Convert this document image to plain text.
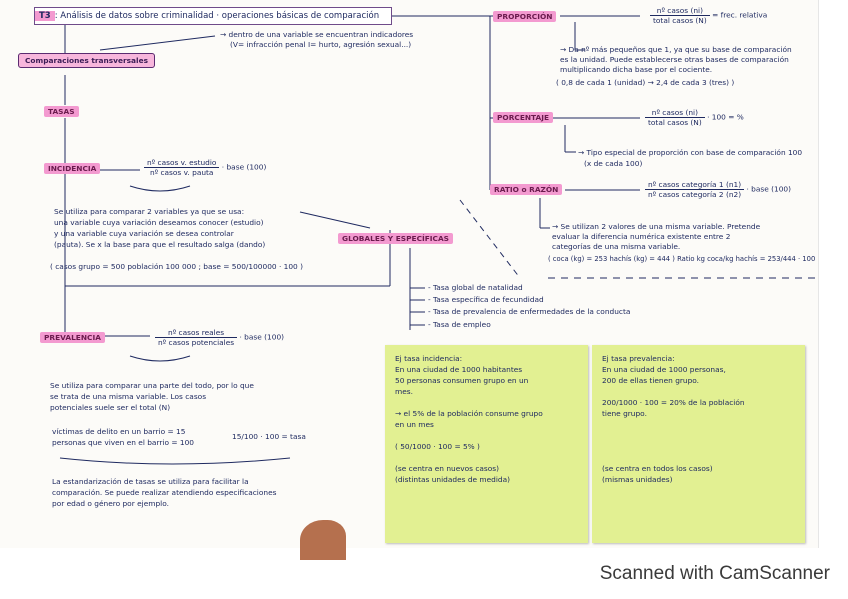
T3 : Análisis de datos sobre criminalidad · operaciones básicas de comparación
Comparaciones transversales
→ dentro de una variable se encuentran indicadores
(V= infracción penal I= hurto, agresión sexual...)
TASAS
INCIDENCIA	$\frac{\text{nº casos v. estudio}}{\text{nº casos v. pauta}}$ · base (100)
Se utiliza para comparar 2 variables ya que se usa:
una variable cuya variación deseamos conocer (estudio)
y una variable cuya variación se desea controlar
(pauta). Se x la base para que el resultado salga (dando)
( casos grupo = 500 población 100 000 ; base = 500/100000 · 100 )
PREVALENCIA	$\frac{\text{nº casos reales}}{\text{nº casos potenciales}}$ · base (100)
Se utiliza para comparar una parte del todo, por lo que
se trata de una misma variable. Los casos
potenciales suele ser el total (N)
víctimas de delito en un barrio = 15
personas que viven en el barrio = 100
15/100 · 100 = tasa
La estandarización de tasas se utiliza para facilitar la
comparación. Se puede realizar atendiendo especificaciones
por edad o género por ejemplo.
GLOBALES Y ESPECÍFICAS
- Tasa global de natalidad
- Tasa específica de fecundidad
- Tasa de prevalencia de enfermedades de la conducta
- Tasa de empleo
PROPORCIÓN	$\frac{\text{nº casos (ni)}}{\text{total casos (N)}}$ = frec. relativa
→ Da nº más pequeños que 1, ya que su base de comparación
es la unidad. Puede establecerse otras bases de comparación
multiplicando dicha base por el cociente.
( 0,8 de cada 1 (unidad) → 2,4 de cada 3 (tres) )
PORCENTAJE	$\frac{\text{nº casos (ni)}}{\text{total casos (N)}} \cdot 100$ = %
→ Tipo especial de proporción con base de comparación 100
(x de cada 100)
RATIO o RAZÓN	$\frac{\text{nº casos categoría 1 (n1)}}{\text{nº casos categoría 2 (n2)}}$ · base (100)
→ Se utilizan 2 valores de una misma variable. Pretende
evaluar la diferencia numérica existente entre 2
categorías de una misma variable.
( coca (kg) = 253 hachís (kg) = 444 ) Ratio kg coca/kg hachís = 253/444 · 100
Ej tasa incidencia:
En una ciudad de 1000 habitantes
50 personas consumen grupo en un
mes.

→ el 5% de la población consume grupo
en un mes

( 50/1000 · 100 = 5% )

(se centra en nuevos casos)
(distintas unidades de medida)
Ej tasa prevalencia:
En una ciudad de 1000 personas,
200 de ellas tienen grupo.

200/1000 · 100 = 20% de la población
tiene grupo.

(se centra en todos los casos)
(mismas unidades)
Scanned with CamScanner
